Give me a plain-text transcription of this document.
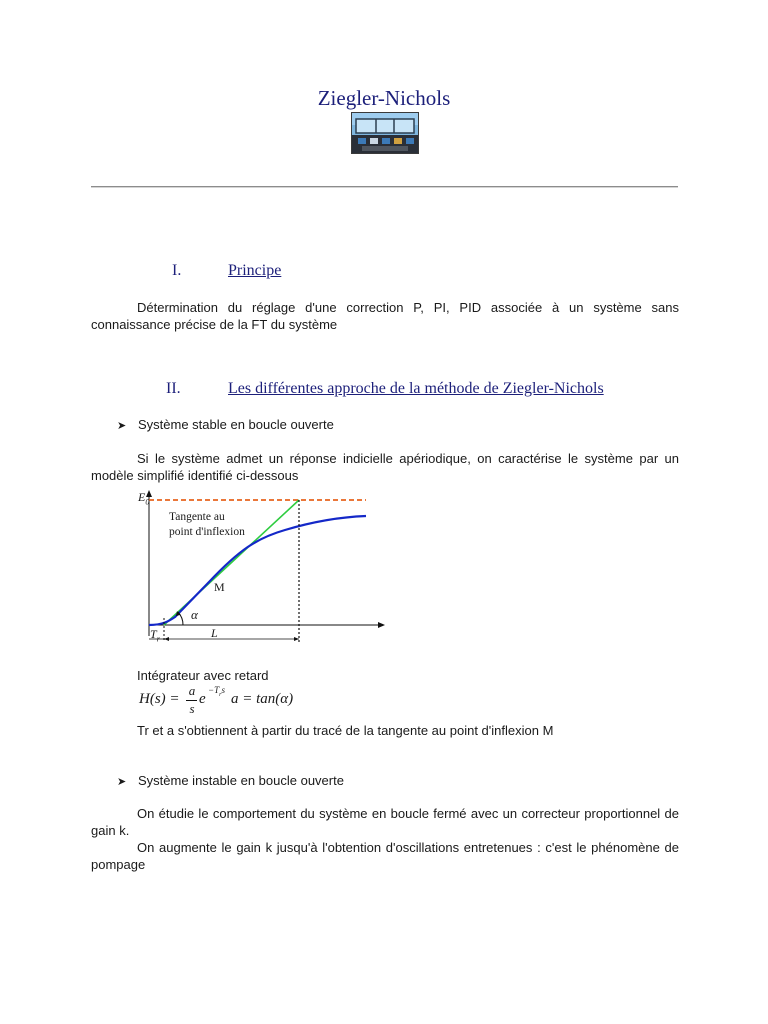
Ziegler-Nichols
I.	Principe

Détermination du réglage d'une correction P, PI, PID associée à un système sans connaissance précise de la FT du système

II.	Les différentes approche de la méthode de Ziegler-Nichols
➤ Système stable en boucle ouverte

Si le système admet un réponse indicielle apériodique, on caractérise le système par un modèle simplifié identifié ci-dessous

$E_0$
Tangente au
point d'inflexion
M
α
$T_r$	L
Intégrateur avec retard
H(s) =
a
s
e
$-T_rs$
a = tan(α)
Tr et a s'obtiennent à partir du tracé de la tangente au point d'inflexion M
➤ Système instable en boucle ouverte

On étudie le comportement du système en boucle fermé avec un correcteur proportionnel de gain k.

On augmente le gain k jusqu'à l'obtention d'oscillations entretenues : c'est le phénomène de pompage
